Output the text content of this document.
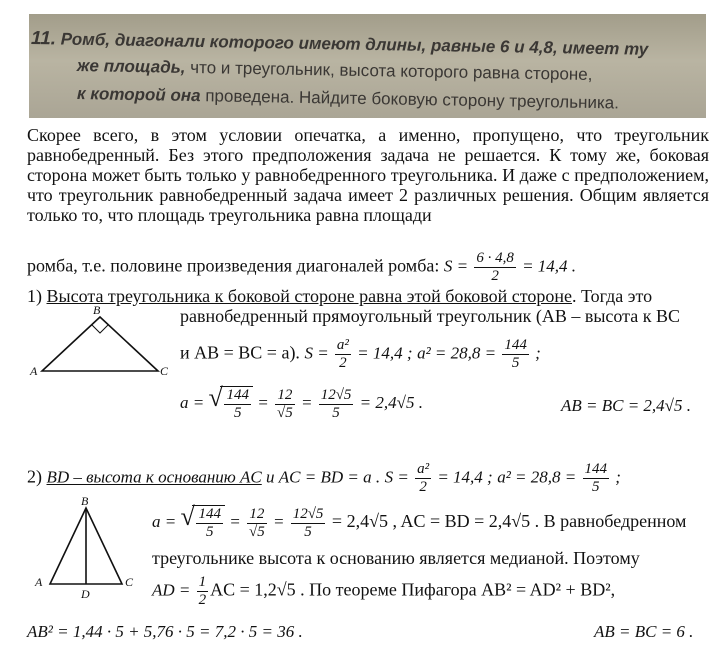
11. Ромб, диагонали которого имеют длины, равные 6 и 4,8, имеет ту
же площадь, что и треугольник, высота которого равна стороне,
к которой она проведена. Найдите боковую сторону треугольника.

Скорее всего, в этом условии опечатка, а именно, пропущено, что треугольник равнобедренный. Без этого предположения задача не решается. К тому же, боковая сторона может быть только у равнобедренного треугольника. И даже с предположением, что треугольник равнобедренный задача имеет 2 различных решения. Общим является только то, что площадь треугольника равна площади

ромба, т.е. половине произведения диагоналей ромба: $S = \frac{6 \cdot 4,8}{2} = 14,4$ .
1) Высота треугольника к боковой стороне равна этой боковой стороне. Тогда это
B
A	C
равнобедренный прямоугольный треугольник (AB – высота к BC
и AB = BC = a). $S = \frac{\text{a²}}{2} = 14,4$ ; $a^2 = 28,8 = \frac{144}{5}$ ;
a = √ $\frac{144}{5} = \frac{12}{√5} = \frac{12√5}{5} = 2,4√5$ .	AB = BC = 2,4√5 .
2) BD – высота к основанию AC и AC = BD = a . $S = \frac{\text{a²}}{2} = 14,4$ ; $a^2 = 28,8 = \frac{144}{5}$ ;
B
A	C
D
a = √ $\frac{144}{5} = \frac{12}{√5} = \frac{12√5}{5} = 2,4√5$ , AC = BD = 2,4√5 . В равнобедренном
треугольнике высота к основанию является медианой. Поэтому
AD = $\frac{1}{2}$ AC = 1,2√5 . По теореме Пифагора AB² = AD² + BD²,
AB² = 1,44 · 5 + 5,76 · 5 = 7,2 · 5 = 36 .	AB = BC = 6 .
